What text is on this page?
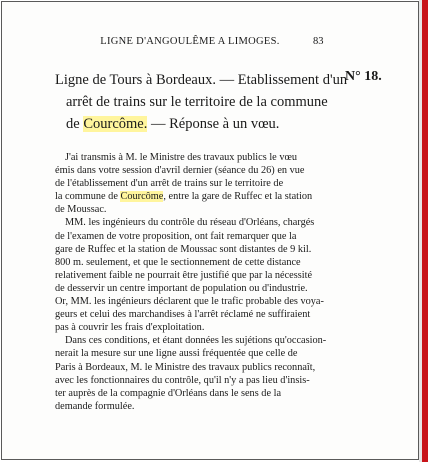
LIGNE D'ANGOULÊME A LIMOGES.	83
Ligne de Tours à Bordeaux. — Etablissement d'un
arrêt de trains sur le territoire de la commune
de Courcôme. — Réponse à un vœu.
N° 18.
J'ai transmis à M. le Ministre des travaux publics le vœu
émis dans votre session d'avril dernier (séance du 26) en vue
de l'établissement d'un arrêt de trains sur le territoire de
la commune de Courcôme, entre la gare de Ruffec et la station
de Moussac.
MM. les ingénieurs du contrôle du réseau d'Orléans, chargés
de l'examen de votre proposition, ont fait remarquer que la
gare de Ruffec et la station de Moussac sont distantes de 9 kil.
800 m. seulement, et que le sectionnement de cette distance
relativement faible ne pourrait être justifié que par la nécessité
de desservir un centre important de population ou d'industrie.
Or, MM. les ingénieurs déclarent que le trafic probable des voya-
geurs et celui des marchandises à l'arrêt réclamé ne suffiraient
pas à couvrir les frais d'exploitation.
Dans ces conditions, et étant données les sujétions qu'occasion-
nerait la mesure sur une ligne aussi fréquentée que celle de
Paris à Bordeaux, M. le Ministre des travaux publics reconnaît,
avec les fonctionnaires du contrôle, qu'il n'y a pas lieu d'insis-
ter auprès de la compagnie d'Orléans dans le sens de la
demande formulée.
